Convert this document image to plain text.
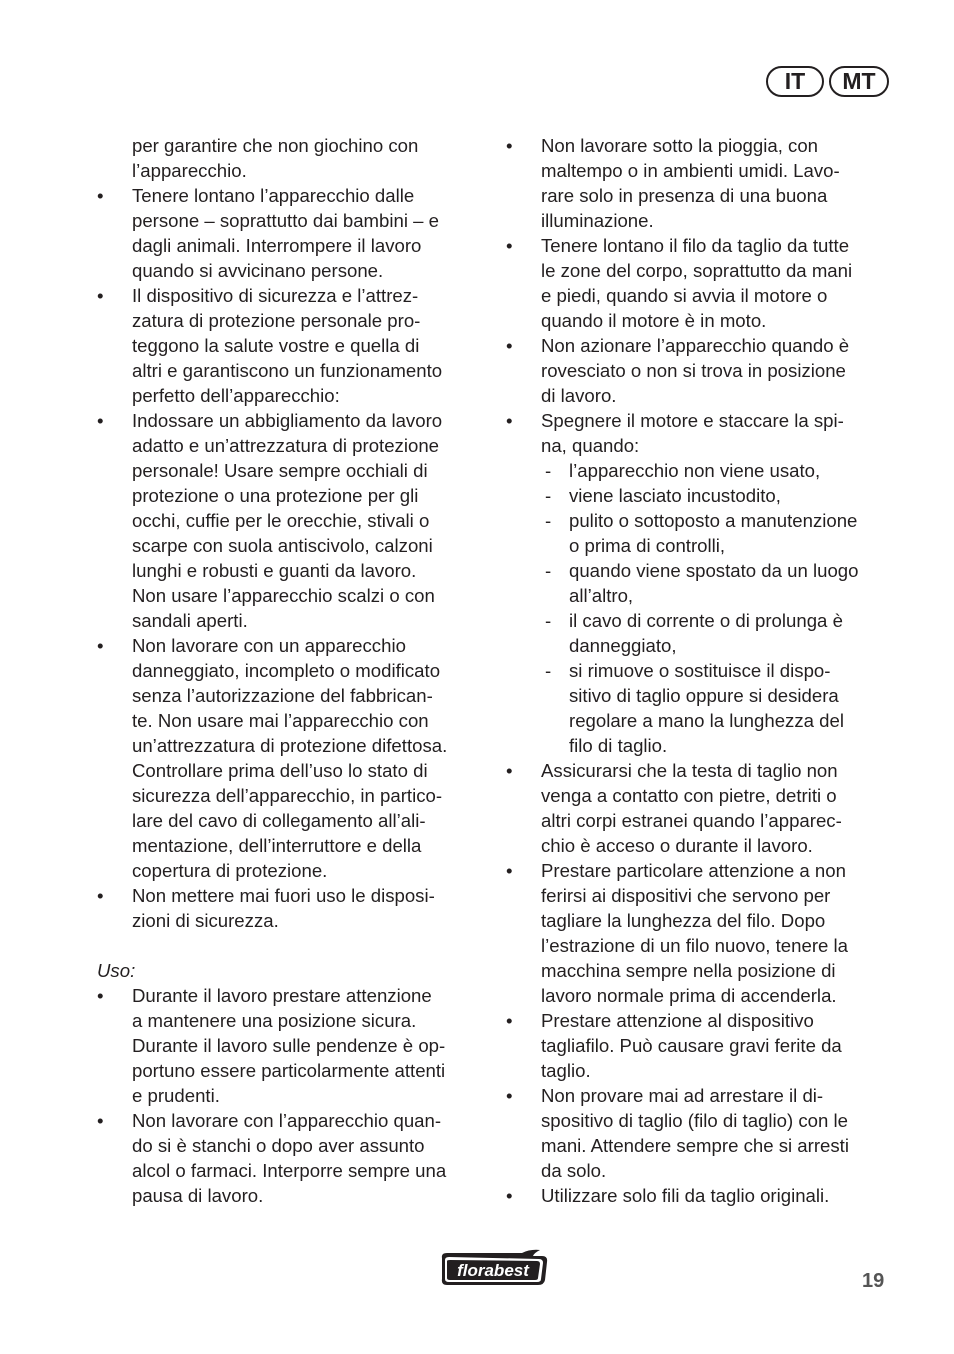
IT	MT
per garantire che non giochino con
l’apparecchio.
•	Tenere lontano l’apparecchio dalle
persone – soprattutto dai bambini – e
dagli animali. Interrompere il lavoro
quando si avvicinano persone.
•	Il dispositivo di sicurezza e l’attrez-
zatura di protezione personale pro-
teggono la salute vostre e quella di
altri e garantiscono un funzionamento
perfetto dell’apparecchio:
•	Indossare un abbigliamento da lavoro
adatto e un’attrezzatura di protezione
personale! Usare sempre occhiali di
protezione o una protezione per gli
occhi, cuffie per le orecchie, stivali o
scarpe con suola antiscivolo, calzoni
lunghi e robusti e guanti da lavoro.
Non usare l’apparecchio scalzi o con
sandali aperti.
•	Non lavorare con un apparecchio
danneggiato, incompleto o modificato
senza l’autorizzazione del fabbrican-
te. Non usare mai l’apparecchio con
un’attrezzatura di protezione difettosa.
Controllare prima dell’uso lo stato di
sicurezza dell’apparecchio, in partico-
lare del cavo di collegamento all’ali-
mentazione, dell’interruttore e della
copertura di protezione.
•	Non mettere mai fuori uso le disposi-
zioni di sicurezza.
Uso:
•	Durante il lavoro prestare attenzione
a mantenere una posizione sicura.
Durante il lavoro sulle pendenze è op-
portuno essere particolarmente attenti
e prudenti.
•	Non lavorare con l’apparecchio quan-
do si è stanchi o dopo aver assunto
alcol o farmaci. Interporre sempre una
pausa di lavoro.
•	Non lavorare sotto la pioggia, con
maltempo o in ambienti umidi. Lavo-
rare solo in presenza di una buona
illuminazione.
•	Tenere lontano il filo da taglio da tutte
le zone del corpo, soprattutto da mani
e piedi, quando si avvia il motore o
quando il motore è in moto.
•	Non azionare l’apparecchio quando è
rovesciato o non si trova in posizione
di lavoro.
•	Spegnere il motore e staccare la spi-
na, quando:
- l’apparecchio non viene usato,
- viene lasciato incustodito,
- pulito o sottoposto a manutenzione
o prima di controlli,
- quando viene spostato da un luogo
all’altro,
- il cavo di corrente o di prolunga è
danneggiato,
- si rimuove o sostituisce il dispo-
sitivo di taglio oppure si desidera
regolare a mano la lunghezza del
filo di taglio.
•	Assicurarsi che la testa di taglio non
venga a contatto con pietre, detriti o
altri corpi estranei quando l’apparec-
chio è acceso o durante il lavoro.
•	Prestare particolare attenzione a non
ferirsi ai dispositivi che servono per
tagliare la lunghezza del filo. Dopo
l’estrazione di un filo nuovo, tenere la
macchina sempre nella posizione di
lavoro normale prima di accenderla.
•	Prestare attenzione al dispositivo
tagliafilo. Può causare gravi ferite da
taglio.
•	Non provare mai ad arrestare il di-
spositivo di taglio (filo di taglio) con le
mani. Attendere sempre che si arresti
da solo.
•	Utilizzare solo fili da taglio originali.
florabest	19
